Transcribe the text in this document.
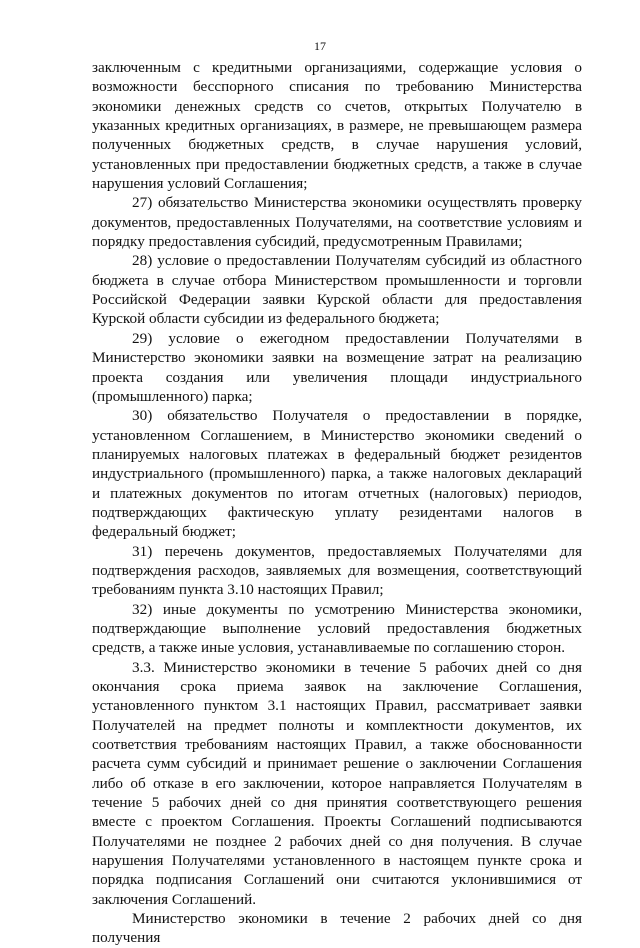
17

заключенным с кредитными организациями, содержащие условия о возможности бесспорного списания по требованию Министерства экономики денежных средств со счетов, открытых Получателю в указанных кредитных организациях, в размере, не превышающем размера полученных бюджетных средств, в случае нарушения условий, установленных при предоставлении бюджетных средств, а также в случае нарушения условий Соглашения;

27) обязательство Министерства экономики осуществлять проверку документов, предоставленных Получателями, на соответствие условиям и порядку предоставления субсидий, предусмотренным Правилами;

28) условие о предоставлении Получателям субсидий из областного бюджета в случае отбора Министерством промышленности и торговли Российской Федерации заявки Курской области для предоставления Курской области субсидии из федерального бюджета;

29) условие о ежегодном предоставлении Получателями в Министерство экономики заявки на возмещение затрат на реализацию проекта создания или увеличения площади индустриального (промышленного) парка;

30) обязательство Получателя о предоставлении в порядке, установленном Соглашением, в Министерство экономики сведений о планируемых налоговых платежах в федеральный бюджет резидентов индустриального (промышленного) парка, а также налоговых деклараций и платежных документов по итогам отчетных (налоговых) периодов, подтверждающих фактическую уплату резидентами налогов в федеральный бюджет;

31) перечень документов, предоставляемых Получателями для подтверждения расходов, заявляемых для возмещения, соответствующий требованиям пункта 3.10 настоящих Правил;

32) иные документы по усмотрению Министерства экономики, подтверждающие выполнение условий предоставления бюджетных средств, а также иные условия, устанавливаемые по соглашению сторон.

3.3. Министерство экономики в течение 5 рабочих дней со дня окончания срока приема заявок на заключение Соглашения, установленного пунктом 3.1 настоящих Правил, рассматривает заявки Получателей на предмет полноты и комплектности документов, их соответствия требованиям настоящих Правил, а также обоснованности расчета сумм субсидий и принимает решение о заключении Соглашения либо об отказе в его заключении, которое направляется Получателям в течение 5 рабочих дней со дня принятия соответствующего решения вместе с проектом Соглашения. Проекты Соглашений подписываются Получателями не позднее 2 рабочих дней со дня получения. В случае нарушения Получателями установленного в настоящем пункте срока и порядка подписания Соглашений они считаются уклонившимися от заключения Соглашений.

Министерство экономики в течение 2 рабочих дней со дня получения
